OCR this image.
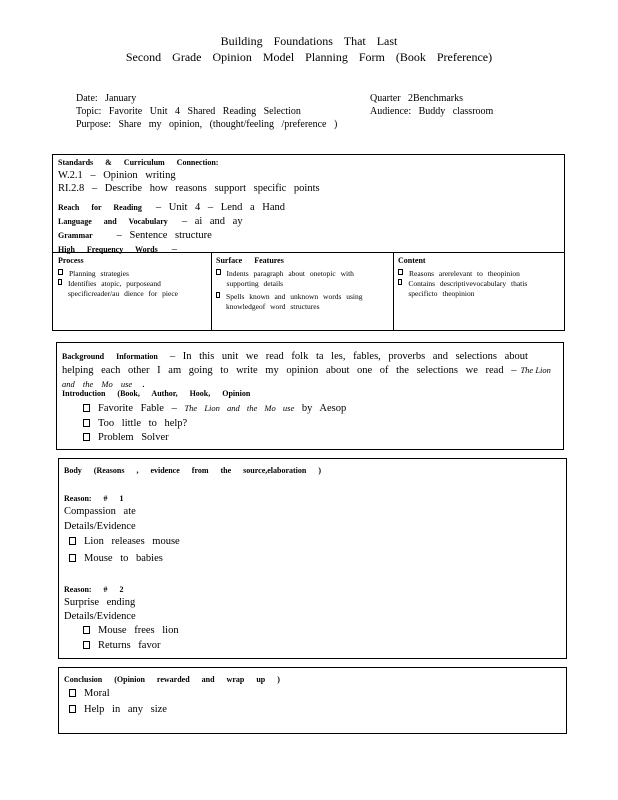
Building Foundations That Last
Second Grade Opinion Model Planning Form (Book Preference)
Date: January
Topic: Favorite Unit 4 Shared Reading Selection
Purpose: Share my opinion, (thought/feeling /preference )
Quarter 2Benchmarks
Audience: Buddy classroom
Standards & Curriculum Connection:
W.2.1 – Opinion writing
RI.2.8 – Describe how reasons support specific points
Reach for Reading – Unit 4 – Lend a Hand
Language and Vocabulary – ai and ay
Grammar – Sentence structure
High Frequency Words –
Process
Planning strategies
Identifies atopic, purposeand specificreader/au dience for piece
Surface Features
Indents paragraph about onetopic with supporting details
Spells known and unknown words using knowledgeof word structures
Content
Reasons arerelevant to theopinion
Contains descriptivevocabulary thatis specificto theopinion
Background Information – In this unit we read folk ta les, fables, proverbs and selections about
helping each other I am going to write my opinion about one of the selections we read – The Lion
and the Mo use .
Introduction (Book, Author, Hook, Opinion
Favorite Fable – The Lion and the Mo use by Aesop
Too little to help?
Problem Solver
Body (Reasons , evidence from the source,elaboration )
Reason: # 1
Compassion ate
Details/Evidence
Lion releases mouse
Mouse to babies
Reason: # 2
Surprise ending
Details/Evidence
Mouse frees lion
Returns favor
Conclusion (Opinion rewarded and wrap up )
Moral
Help in any size
